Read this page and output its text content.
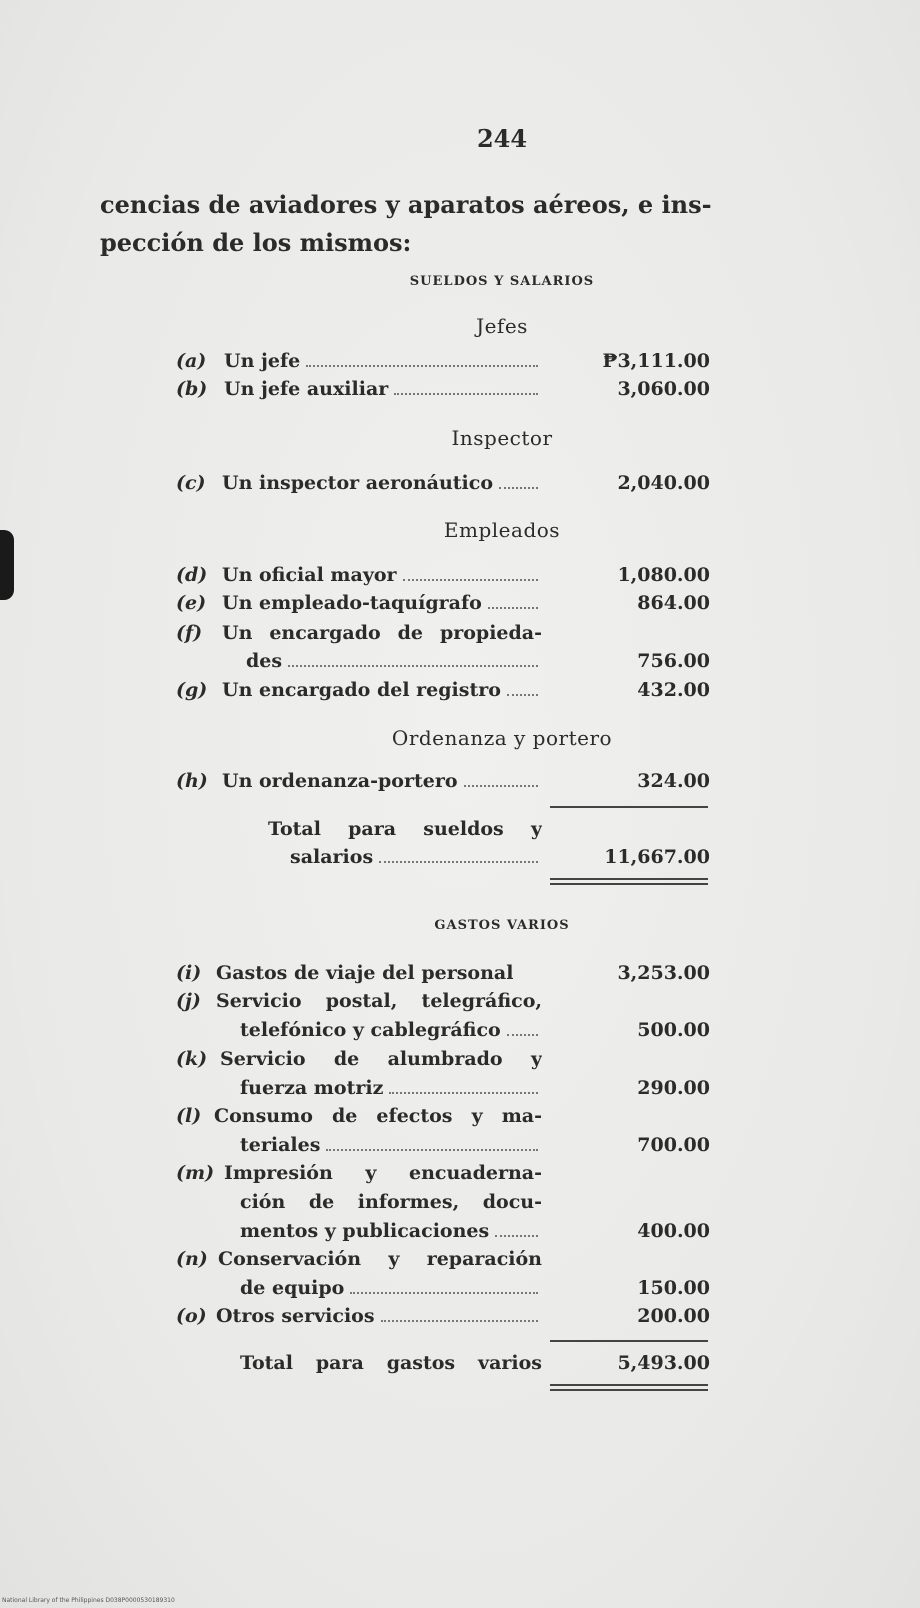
244
cencias de aviadores y aparatos aéreos, e ins-
pección de los mismos:
SUELDOS Y SALARIOS
Jefes
(a) Un jefe	₱3,111.00
(b) Un jefe auxiliar	3,060.00
Inspector
(c) Un inspector aeronáutico	2,040.00
Empleados
(d) Un oficial mayor	1,080.00
(e) Un empleado-taquígrafo	864.00
(f) Un encargado de propieda-
des	756.00
(g) Un encargado del registro	432.00
Ordenanza y portero
(h) Un ordenanza-portero	324.00
Total para sueldos y
salarios	11,667.00
GASTOS VARIOS
(i) Gastos de viaje del personal	3,253.00
(j) Servicio postal, telegráfico,
telefónico y cablegráfico	500.00
(k) Servicio de alumbrado y
fuerza motriz	290.00
(l) Consumo de efectos y ma-
teriales	700.00
(m) Impresión y encuaderna-
ción de informes, docu-
mentos y publicaciones	400.00
(n) Conservación y reparación
de equipo	150.00
(o) Otros servicios	200.00
Total para gastos varios	5,493.00
National Library of the Philippines D038P0000530189310
